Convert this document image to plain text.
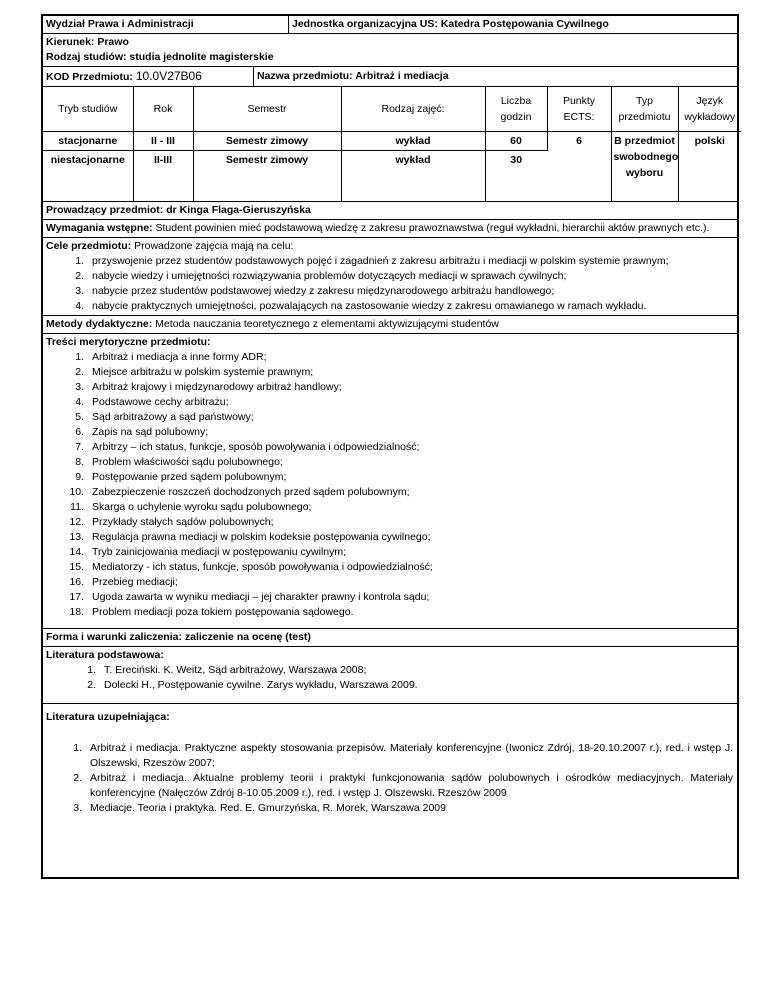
Wydział Prawa i Administracji	Jednostka organizacyjna US: Katedra Postępowania Cywilnego
Kierunek: Prawo
Rodzaj studiów: studia jednolite magisterskie
KOD Przedmiotu: 10.0V27B06	Nazwa przedmiotu: Arbitraż i mediacja
Tryb studiów	Rok	Semestr	Rodzaj zajęć:	Liczba godzin	Punkty ECTS:	Typ przedmiotu	Język wykładowy
stacjonarne	II - III	Semestr zimowy	wykład	60	6	B przedmiot swobodnego wyboru	polski
niestacjonarne	II-III	Semestr zimowy	wykład	30			
Prowadzący przedmiot: dr Kinga Flaga-Gieruszyńska
Wymagania wstępne: Student powinien mieć podstawową wiedzę z zakresu prawoznawstwa (reguł wykładni, hierarchii aktów prawnych etc.).
Cele przedmiotu: Prowadzone zajęcia mają na celu:
1. przyswojenie przez studentów podstawowych pojęć i zagadnień z zakresu arbitrażu i mediacji w polskim systemie prawnym;
2. nabycie wiedzy i umiejętności rozwiązywania problemów dotyczących mediacji w sprawach cywilnych;
3. nabycie przez studentów podstawowej wiedzy z zakresu międzynarodowego arbitrażu handlowego;
4. nabycie praktycznych umiejętności, pozwalających na zastosowanie wiedzy z zakresu omawianego w ramach wykładu.
Metody dydaktyczne: Metoda nauczania teoretycznego z elementami aktywizującymi studentów
Treści merytoryczne przedmiotu:
1. Arbitraż i mediacja a inne formy ADR;
2. Miejsce arbitrażu w polskim systemie prawnym;
3. Arbitraż krajowy i międzynarodowy arbitraż handlowy;
4. Podstawowe cechy arbitrażu;
5. Sąd arbitrażowy a sąd państwowy;
6. Zapis na sąd polubowny;
7. Arbitrzy – ich status, funkcje, sposób powoływania i odpowiedzialność;
8. Problem właściwości sądu polubownego;
9. Postępowanie przed sądem polubownym;
10. Zabezpieczenie roszczeń dochodzonych przed sądem polubownym;
11. Skarga o uchylenie wyroku sądu polubownego;
12. Przykłady stałych sądów polubownych;
13. Regulacja prawna mediacji w polskim kodeksie postępowania cywilnego;
14. Tryb zainicjowania mediacji w postępowaniu cywilnym;
15. Mediatorzy - ich status, funkcje, sposób powoływania i odpowiedzialność;
16. Przebieg mediacji;
17. Ugoda zawarta w wyniku mediacji – jej charakter prawny i kontrola sądu;
18. Problem mediacji poza tokiem postępowania sądowego.
Forma i warunki zaliczenia: zaliczenie na ocenę (test)
Literatura podstawowa:
1. T. Ereciński. K. Weitz, Sąd arbitrażowy, Warszawa 2008;
2. Dolecki H., Postępowanie cywilne. Zarys wykładu, Warszawa 2009.
Literatura uzupełniająca:
1. Arbitraż i mediacja. Praktyczne aspekty stosowania przepisów. Materiały konferencyjne (Iwonicz Zdrój, 18-20.10.2007 r.), red. i wstęp J. Olszewski, Rzeszów 2007;
2. Arbitraż i mediacja. Aktualne problemy teorii i praktyki funkcjonowania sądów polubownych i ośrodków mediacyjnych. Materiały konferencyjne (Nałęczów Zdrój 8-10.05.2009 r.), red. i wstęp J. Olszewski. Rzeszów 2009
3. Mediacje. Teoria i praktyka. Red. E. Gmurzyńska, R. Morek, Warszawa 2009
